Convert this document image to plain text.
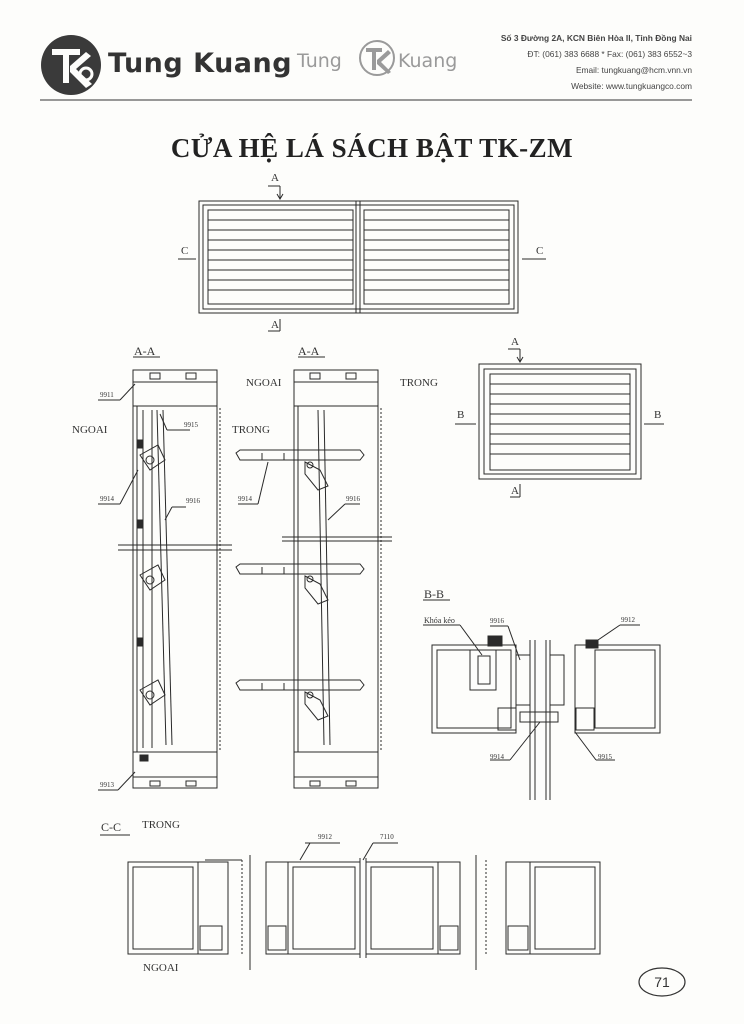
Tung Kuang Tung	Kuang
Số 3 Đường 2A, KCN Biên Hòa II, Tỉnh Đồng Nai
ĐT: (061) 383 6688 * Fax: (061) 383 6552~3
Email: tungkuang@hcm.vnn.vn
Website: www.tungkuangco.com
CỬA HỆ LÁ SÁCH BẬT TK-ZM
A
A
C	C
A-A	A-A
NGOAI	TRONG
NGOAI	TRONG
A
A
B	B
B-B
Khóa kéo
C-C TRONG
NGOAI
9911
9915
9914	9916
9913
9914	9916
9916	9912
9914	9915
9912	7110
71
